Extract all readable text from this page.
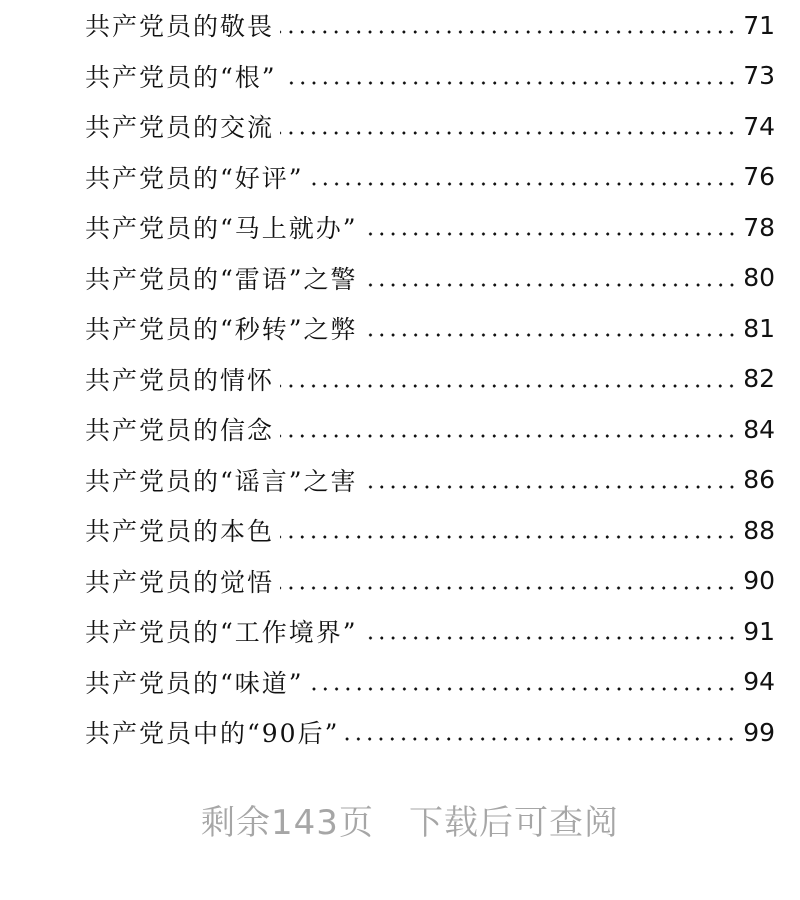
共产党员的敬畏	71
共产党员的“根”	73
共产党员的交流	74
共产党员的“好评”	76
共产党员的“马上就办”	78
共产党员的“雷语”之警	80
共产党员的“秒转”之弊	81
共产党员的情怀	82
共产党员的信念	84
共产党员的“谣言”之害	86
共产党员的本色	88
共产党员的觉悟	90
共产党员的“工作境界”	91
共产党员的“味道”	94
共产党员中的“90后”	99
剩余143页　下载后可查阅
